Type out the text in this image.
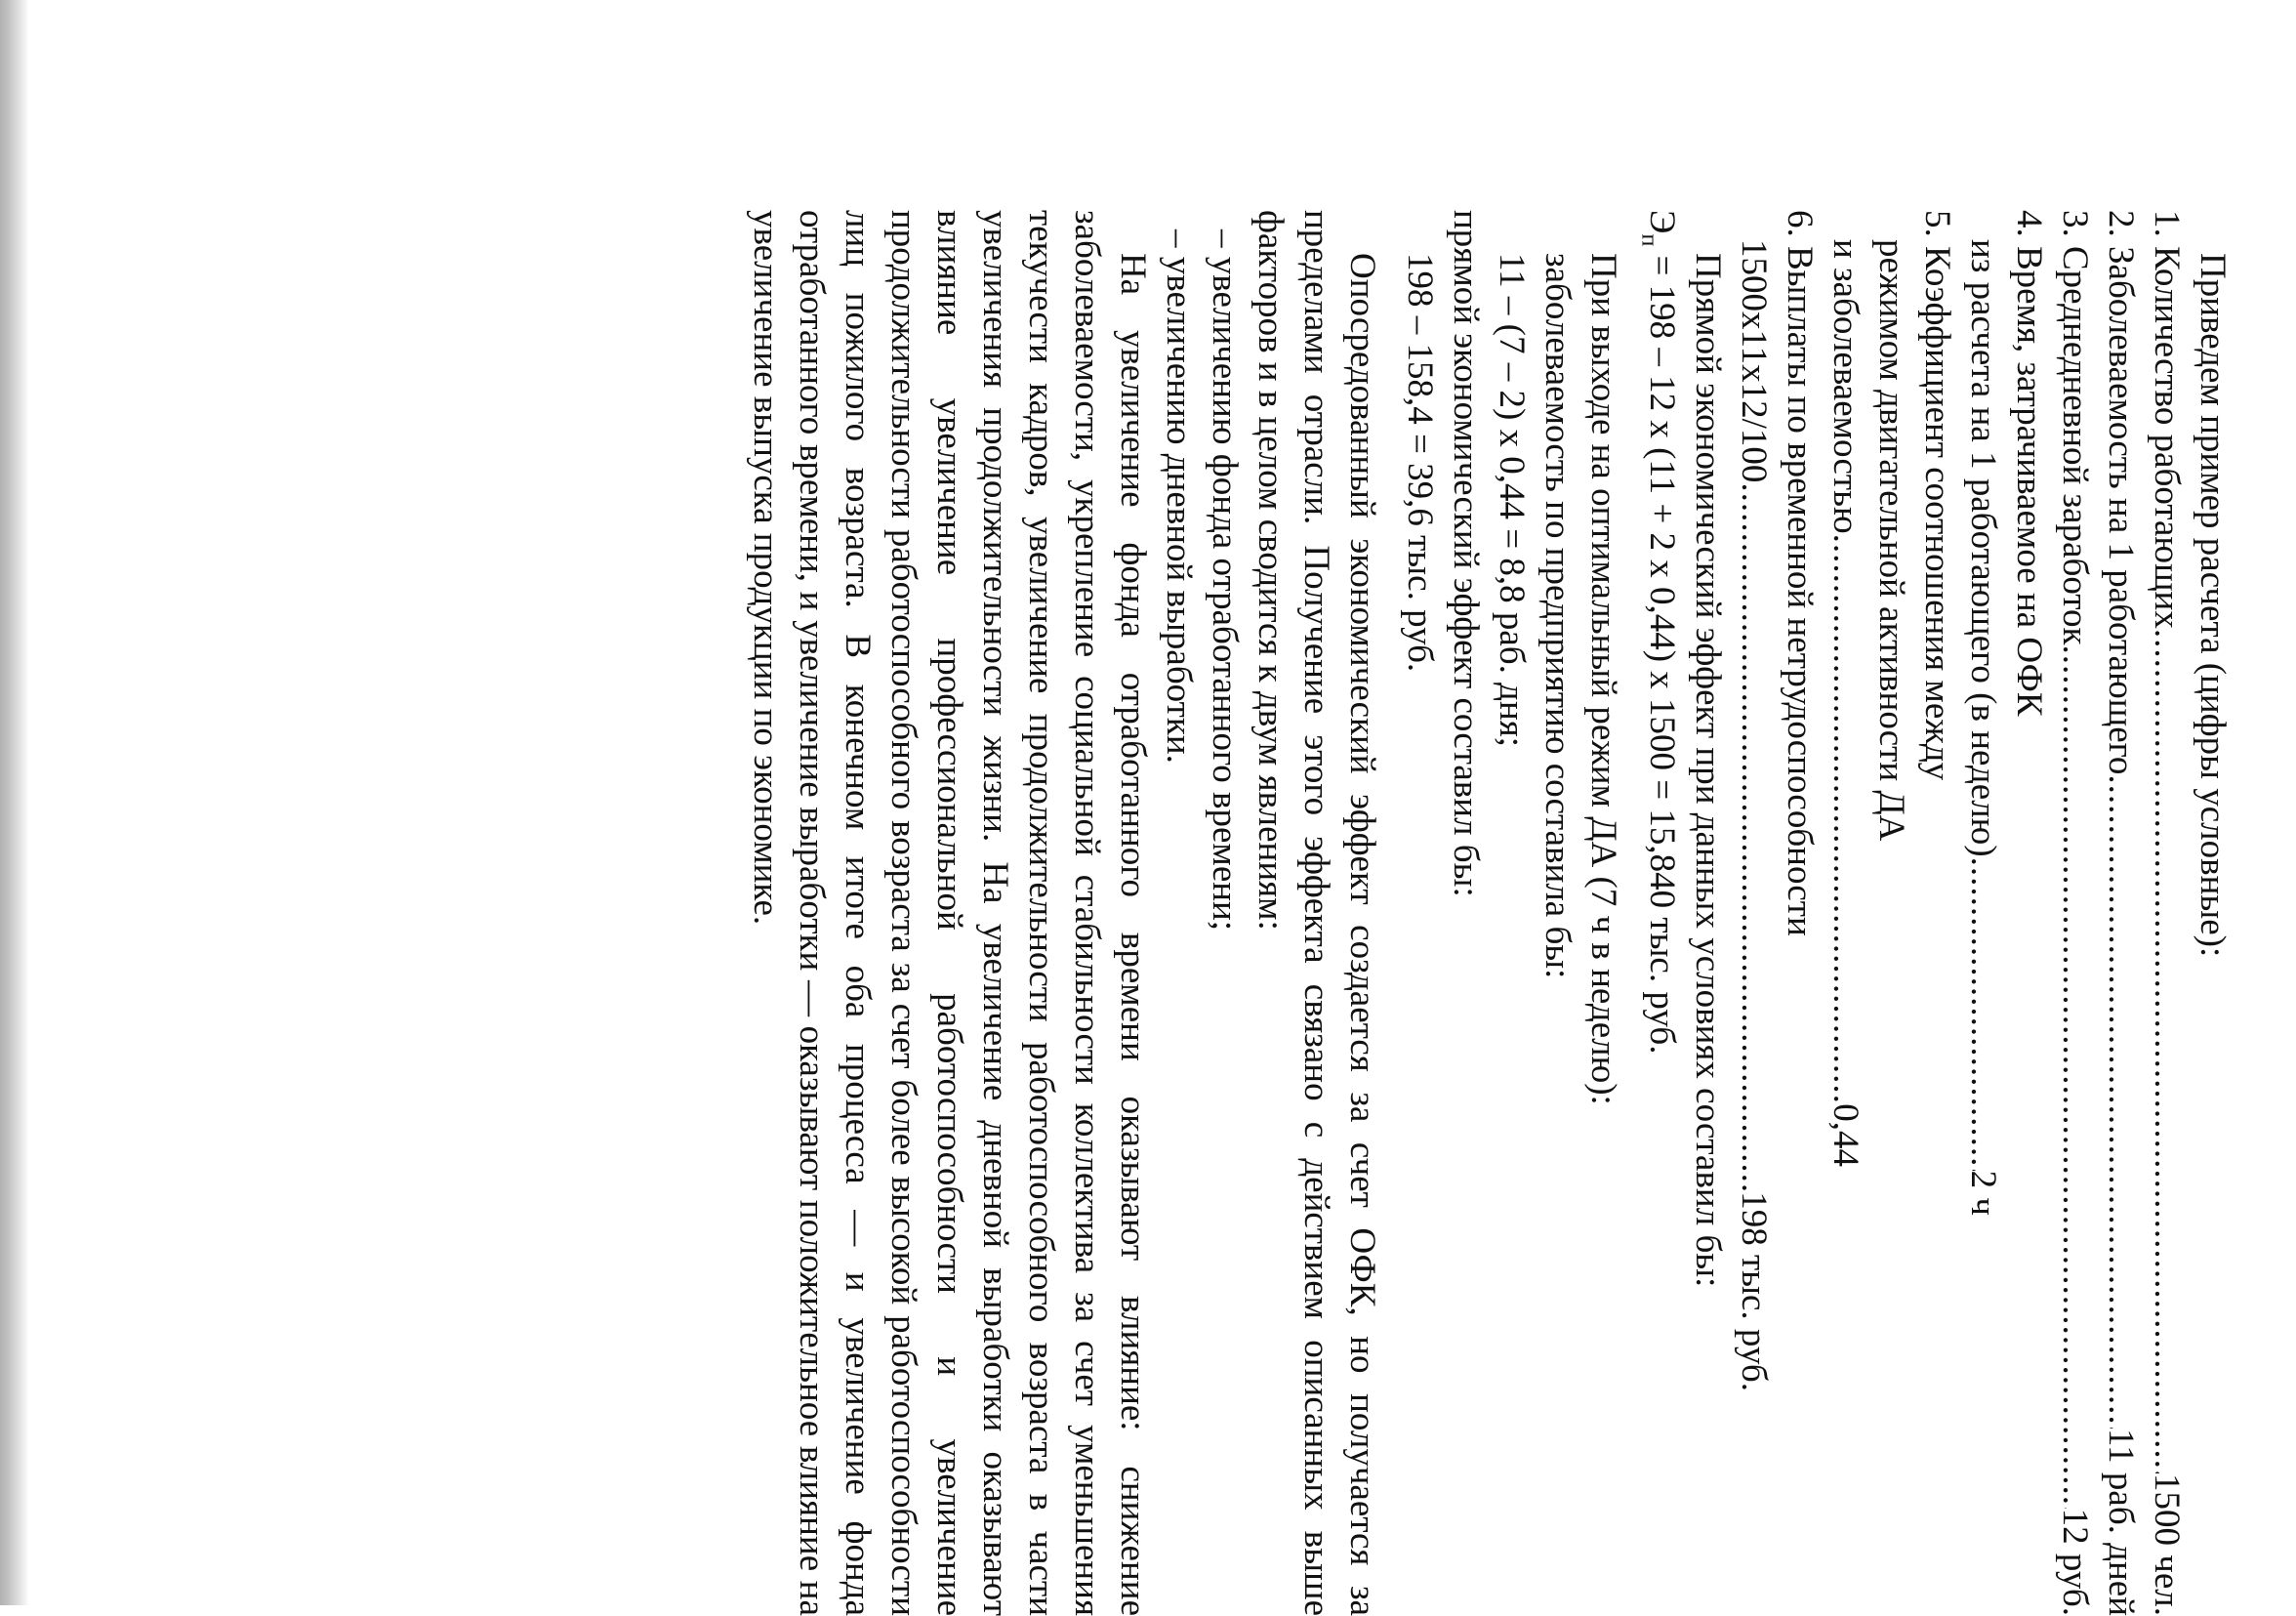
Приведем пример расчета (цифры условные):

1. Количество работающих
.....
1500 чел.
2. Заболеваемость на 1 работающего
.....
11 раб. дней
3. Среднедневной заработок
.....
12 руб.
4. Время, затрачиваемое на ОФК
из расчета на 1 работающего (в неделю)
.....
2 ч
5. Коэффициент соотношения между
режимом двигательной активности ДА
и заболеваемостью
.....
0,44
6. Выплаты по временной нетрудоспособности
1500х11х12/100
.....
198 тыс. руб.

Прямой экономический эффект при данных условиях составил бы:

$Э_п = 198 - 12$ х (11 + 2 х 0,44) х 1500 = 15,840 тыс. руб.

При выходе на оптимальный режим ДА (7 ч в неделю): заболеваемость по предприятию составила бы:

11 – (7 – 2) х 0,44 = 8,8 раб. дня;

прямой экономический эффект составил бы:

198 – 158,4 = 39,6 тыс. руб.

Опосредованный экономический эффект создается за счет ОФК, но получается за пределами отрасли. Получение этого эффекта связано с действием описанных выше факторов и в целом сводится к двум явлениям:

– увеличению фонда отработанного времени;

– увеличению дневной выработки.

На увеличение фонда отработанного времени оказывают влияние: снижение заболеваемости, укрепление социальной стабильности коллектива за счет уменьшения текучести кадров, увеличение продолжительности работоспособного возраста в части увеличения продолжительности жизни. На увеличение дневной выработки оказывают влияние увеличение профессиональной работоспособности и увеличение продолжительности работоспособного возраста за счет более высокой работоспособности лиц пожилого возраста. В конечном итоге оба процесса — и увеличение фонда отработанного времени, и увеличение выработки — оказывают положительное влияние на увеличение выпуска продукции по экономике.
